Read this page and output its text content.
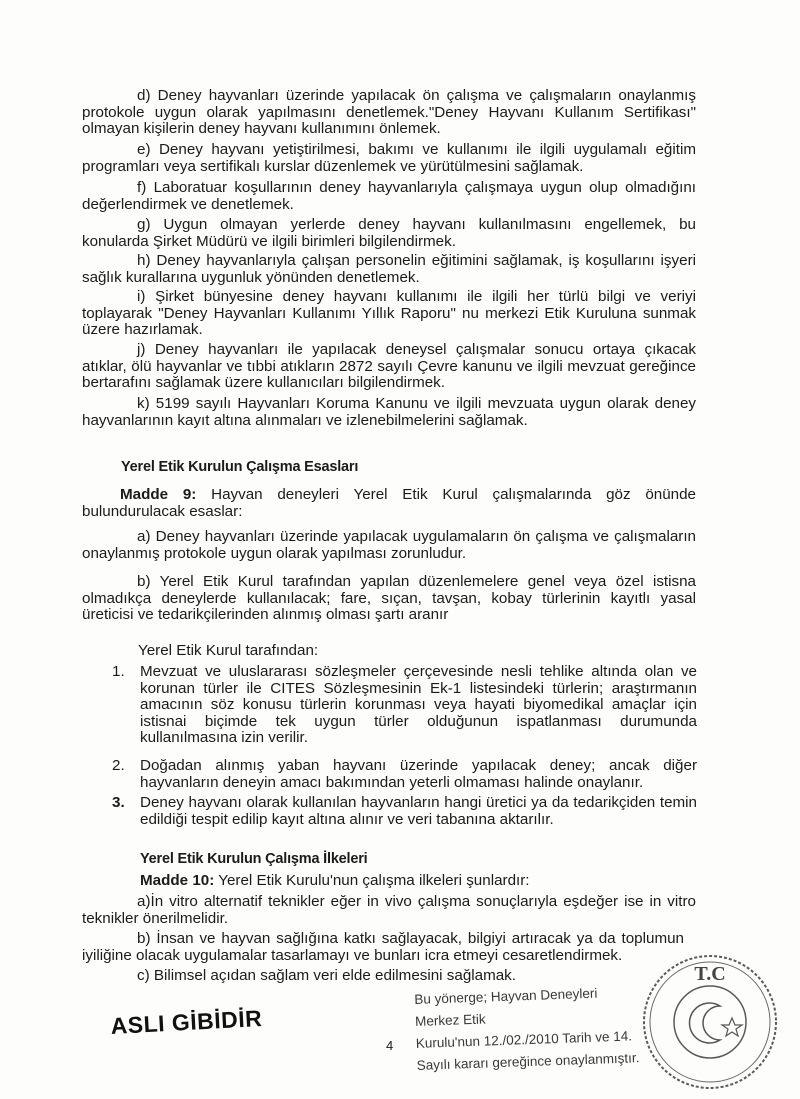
d) Deney hayvanları üzerinde yapılacak ön çalışma ve çalışmaların onaylanmış protokole uygun olarak yapılmasını denetlemek."Deney Hayvanı Kullanım Sertifikası" olmayan kişilerin deney hayvanı kullanımını önlemek.

e) Deney hayvanı yetiştirilmesi, bakımı ve kullanımı ile ilgili uygulamalı eğitim programları veya sertifikalı kurslar düzenlemek ve yürütülmesini sağlamak.

f) Laboratuar koşullarının deney hayvanlarıyla çalışmaya uygun olup olmadığını değerlendirmek ve denetlemek.

g) Uygun olmayan yerlerde deney hayvanı kullanılmasını engellemek, bu konularda Şirket Müdürü ve ilgili birimleri bilgilendirmek.

h) Deney hayvanlarıyla çalışan personelin eğitimini sağlamak, iş koşullarını işyeri sağlık kurallarına uygunluk yönünden denetlemek.

i) Şirket bünyesine deney hayvanı kullanımı ile ilgili her türlü bilgi ve veriyi toplayarak "Deney Hayvanları Kullanımı Yıllık Raporu" nu merkezi Etik Kuruluna sunmak üzere hazırlamak.

j) Deney hayvanları ile yapılacak deneysel çalışmalar sonucu ortaya çıkacak atıklar, ölü hayvanlar ve tıbbi atıkların 2872 sayılı Çevre kanunu ve ilgili mevzuat gereğince bertarafını sağlamak üzere kullanıcıları bilgilendirmek.

k) 5199 sayılı Hayvanları Koruma Kanunu ve ilgili mevzuata uygun olarak deney hayvanlarının kayıt altına alınmaları ve izlenebilmelerini sağlamak.

Yerel Etik Kurulun Çalışma Esasları

Madde 9: Hayvan deneyleri Yerel Etik Kurul çalışmalarında göz önünde bulundurulacak esaslar:

a) Deney hayvanları üzerinde yapılacak uygulamaların ön çalışma ve çalışmaların onaylanmış protokole uygun olarak yapılması zorunludur.

b) Yerel Etik Kurul tarafından yapılan düzenlemelere genel veya özel istisna olmadıkça deneylerde kullanılacak; fare, sıçan, tavşan, kobay türlerinin kayıtlı yasal üreticisi ve tedarikçilerinden alınmış olması şartı aranır

Yerel Etik Kurul tarafından:

1.	Mevzuat ve uluslararası sözleşmeler çerçevesinde nesli tehlike altında olan ve korunan türler ile CITES Sözleşmesinin Ek-1 listesindeki türlerin; araştırmanın amacının söz konusu türlerin korunması veya hayati biyomedikal amaçlar için istisnai biçimde tek uygun türler olduğunun ispatlanması durumunda kullanılmasına izin verilir.
2.	Doğadan alınmış yaban hayvanı üzerinde yapılacak deney; ancak diğer hayvanların deneyin amacı bakımından yeterli olmaması halinde onaylanır.
3.	Deney hayvanı olarak kullanılan hayvanların hangi üretici ya da tedarikçiden temin edildiği tespit edilip kayıt altına alınır ve veri tabanına aktarılır.
Yerel Etik Kurulun Çalışma İlkeleri

Madde 10: Yerel Etik Kurulu'nun çalışma ilkeleri şunlardır:

a)İn vitro alternatif teknikler eğer in vivo çalışma sonuçlarıyla eşdeğer ise in vitro teknikler önerilmelidir.

b) İnsan ve hayvan sağlığına katkı sağlayacak, bilgiyi artıracak ya da toplumun iyiliğine olacak uygulamalar tasarlamayı ve bunları icra etmeyi cesaretlendirmek.

c) Bilimsel açıdan sağlam veri elde edilmesini sağlamak.

ASLI GİBİDİR
4
Bu yönerge; Hayvan Deneyleri Merkez Etik
Kurulu'nun 12./02./2010 Tarih ve 14.
Sayılı kararı gereğince onaylanmıştır.
T.C
